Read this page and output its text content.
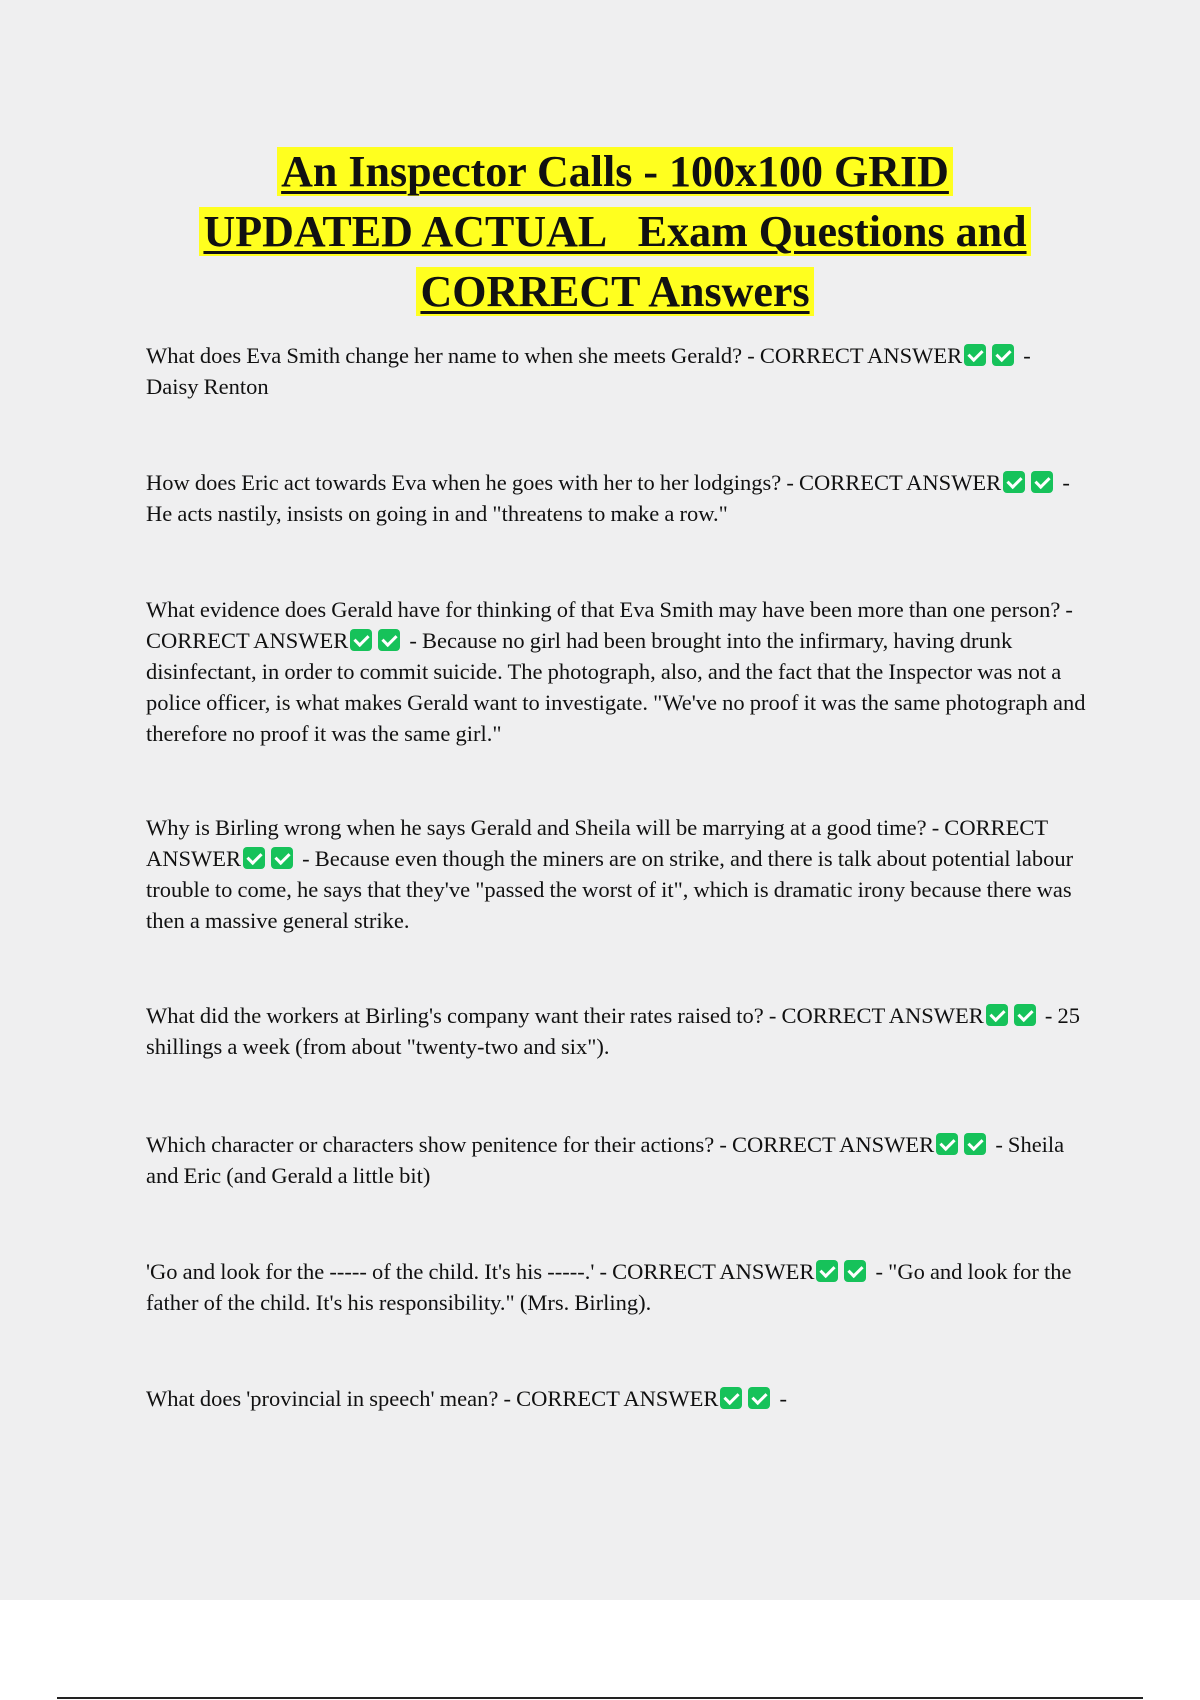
An Inspector Calls - 100x100 GRID
UPDATED ACTUAL   Exam Questions and
CORRECT Answers

What does Eva Smith change her name to when she meets Gerald? - CORRECT ANSWER - Daisy Renton

How does Eric act towards Eva when he goes with her to her lodgings? - CORRECT ANSWER - He acts nastily, insists on going in and "threatens to make a row."

What evidence does Gerald have for thinking of that Eva Smith may have been more than one person? - CORRECT ANSWER - Because no girl had been brought into the infirmary, having drunk disinfectant, in order to commit suicide. The photograph, also, and the fact that the Inspector was not a police officer, is what makes Gerald want to investigate. "We've no proof it was the same photograph and therefore no proof it was the same girl."

Why is Birling wrong when he says Gerald and Sheila will be marrying at a good time? - CORRECT ANSWER - Because even though the miners are on strike, and there is talk about potential labour trouble to come, he says that they've "passed the worst of it", which is dramatic irony because there was then a massive general strike.

What did the workers at Birling's company want their rates raised to? - CORRECT ANSWER - 25 shillings a week (from about "twenty-two and six").

Which character or characters show penitence for their actions? - CORRECT ANSWER - Sheila and Eric (and Gerald a little bit)

'Go and look for the ----- of the child. It's his -----.' - CORRECT ANSWER - "Go and look for the father of the child. It's his responsibility." (Mrs. Birling).

What does 'provincial in speech' mean? - CORRECT ANSWER -
